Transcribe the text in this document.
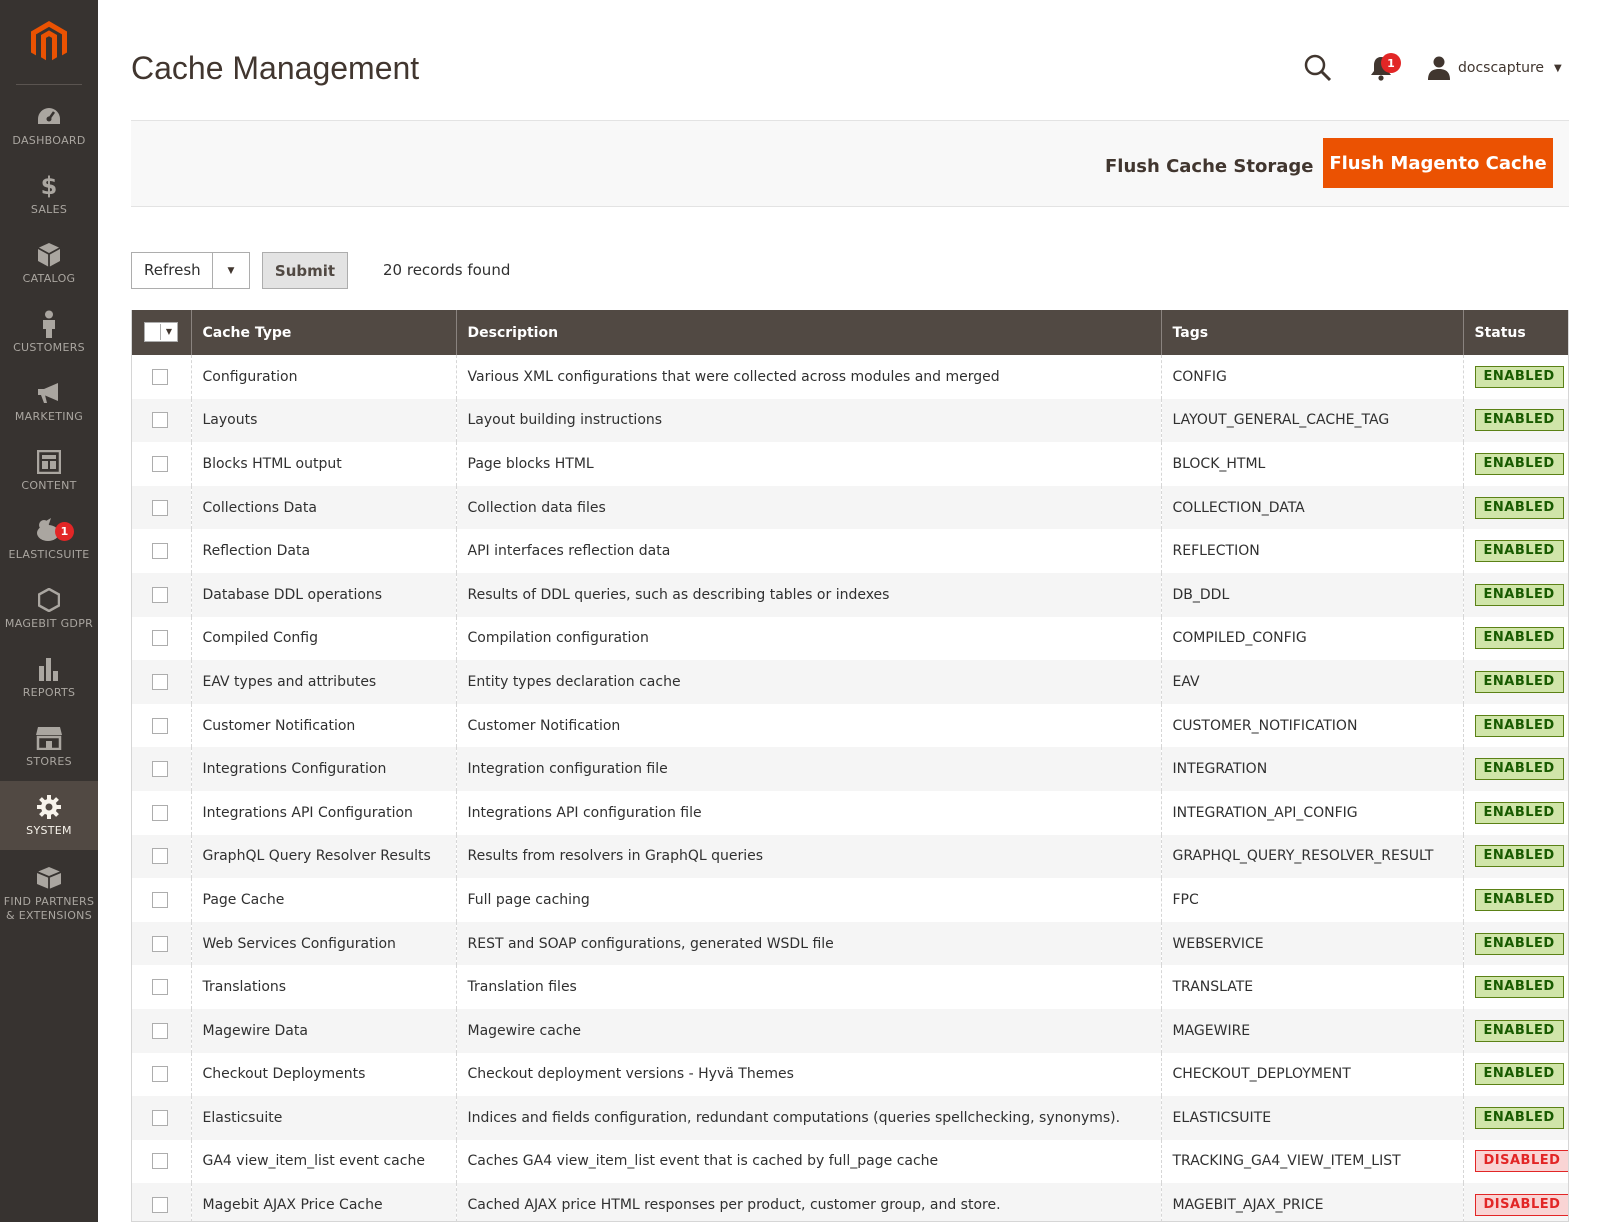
DASHBOARD
$
SALES
CATALOG
CUSTOMERS
MARKETING
CONTENT
1
ELASTICSUITE
MAGEBIT GDPR
REPORTS
STORES
SYSTEM
FIND PARTNERS
& EXTENSIONS
Cache Management	1	docscapture ▼
Flush Cache Storage Flush Magento Cache
Refresh	▼	Submit	20 records found
▼	Cache Type	Description	Tags	Status
	Configuration	Various XML configurations that were collected across modules and merged	CONFIG	ENABLED
	Layouts	Layout building instructions	LAYOUT_GENERAL_CACHE_TAG	ENABLED
	Blocks HTML output	Page blocks HTML	BLOCK_HTML	ENABLED
	Collections Data	Collection data files	COLLECTION_DATA	ENABLED
	Reflection Data	API interfaces reflection data	REFLECTION	ENABLED
	Database DDL operations	Results of DDL queries, such as describing tables or indexes	DB_DDL	ENABLED
	Compiled Config	Compilation configuration	COMPILED_CONFIG	ENABLED
	EAV types and attributes	Entity types declaration cache	EAV	ENABLED
	Customer Notification	Customer Notification	CUSTOMER_NOTIFICATION	ENABLED
	Integrations Configuration	Integration configuration file	INTEGRATION	ENABLED
	Integrations API Configuration	Integrations API configuration file	INTEGRATION_API_CONFIG	ENABLED
	GraphQL Query Resolver Results	Results from resolvers in GraphQL queries	GRAPHQL_QUERY_RESOLVER_RESULT	ENABLED
	Page Cache	Full page caching	FPC	ENABLED
	Web Services Configuration	REST and SOAP configurations, generated WSDL file	WEBSERVICE	ENABLED
	Translations	Translation files	TRANSLATE	ENABLED
	Magewire Data	Magewire cache	MAGEWIRE	ENABLED
	Checkout Deployments	Checkout deployment versions - Hyvä Themes	CHECKOUT_DEPLOYMENT	ENABLED
	Elasticsuite	Indices and fields configuration, redundant computations (queries spellchecking, synonyms).	ELASTICSUITE	ENABLED
	GA4 view_item_list event cache	Caches GA4 view_item_list event that is cached by full_page cache	TRACKING_GA4_VIEW_ITEM_LIST	DISABLED
	Magebit AJAX Price Cache	Cached AJAX price HTML responses per product, customer group, and store.	MAGEBIT_AJAX_PRICE	DISABLED
